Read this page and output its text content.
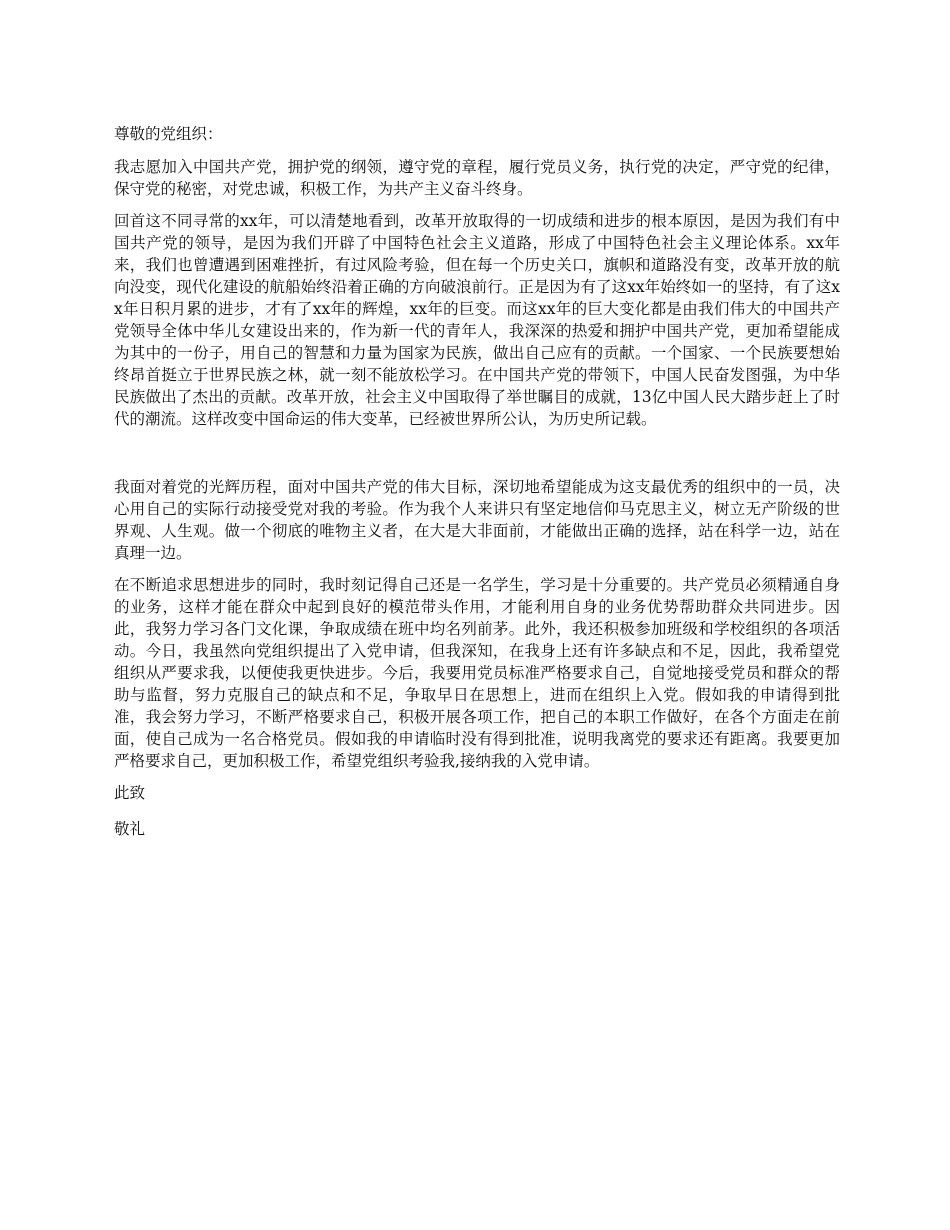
尊敬的党组织：

我志愿加入中国共产党，拥护党的纲领，遵守党的章程，履行党员义务，执行党的决定，严守党的纪律，保守党的秘密，对党忠诚，积极工作，为共产主义奋斗终身。

回首这不同寻常的xx年，可以清楚地看到，改革开放取得的一切成绩和进步的根本原因，是因为我们有中国共产党的领导，是因为我们开辟了中国特色社会主义道路，形成了中国特色社会主义理论体系。xx年来，我们也曾遭遇到困难挫折，有过风险考验，但在每一个历史关口，旗帜和道路没有变，改革开放的航向没变，现代化建设的航船始终沿着正确的方向破浪前行。正是因为有了这xx年始终如一的坚持，有了这xx年日积月累的进步，才有了xx年的辉煌，xx年的巨变。而这xx年的巨大变化都是由我们伟大的中国共产党领导全体中华儿女建设出来的，作为新一代的青年人，我深深的热爱和拥护中国共产党，更加希望能成为其中的一份子，用自己的智慧和力量为国家为民族，做出自己应有的贡献。一个国家、一个民族要想始终昂首挺立于世界民族之林，就一刻不能放松学习。在中国共产党的带领下，中国人民奋发图强，为中华民族做出了杰出的贡献。改革开放，社会主义中国取得了举世瞩目的成就，13亿中国人民大踏步赶上了时代的潮流。这样改变中国命运的伟大变革，已经被世界所公认，为历史所记载。

我面对着党的光辉历程，面对中国共产党的伟大目标，深切地希望能成为这支最优秀的组织中的一员，决心用自己的实际行动接受党对我的考验。作为我个人来讲只有坚定地信仰马克思主义，树立无产阶级的世界观、人生观。做一个彻底的唯物主义者，在大是大非面前，才能做出正确的选择，站在科学一边，站在真理一边。

在不断追求思想进步的同时，我时刻记得自己还是一名学生，学习是十分重要的。共产党员必须精通自身的业务，这样才能在群众中起到良好的模范带头作用，才能利用自身的业务优势帮助群众共同进步。因此，我努力学习各门文化课，争取成绩在班中均名列前茅。此外，我还积极参加班级和学校组织的各项活动。今日，我虽然向党组织提出了入党申请，但我深知，在我身上还有许多缺点和不足，因此，我希望党组织从严要求我，以便使我更快进步。今后，我要用党员标准严格要求自己，自觉地接受党员和群众的帮助与监督，努力克服自己的缺点和不足，争取早日在思想上，进而在组织上入党。假如我的申请得到批准，我会努力学习，不断严格要求自己，积极开展各项工作，把自己的本职工作做好，在各个方面走在前面，使自己成为一名合格党员。假如我的申请临时没有得到批准，说明我离党的要求还有距离。我要更加严格要求自己，更加积极工作，希望党组织考验我,接纳我的入党申请。

此致

敬礼
